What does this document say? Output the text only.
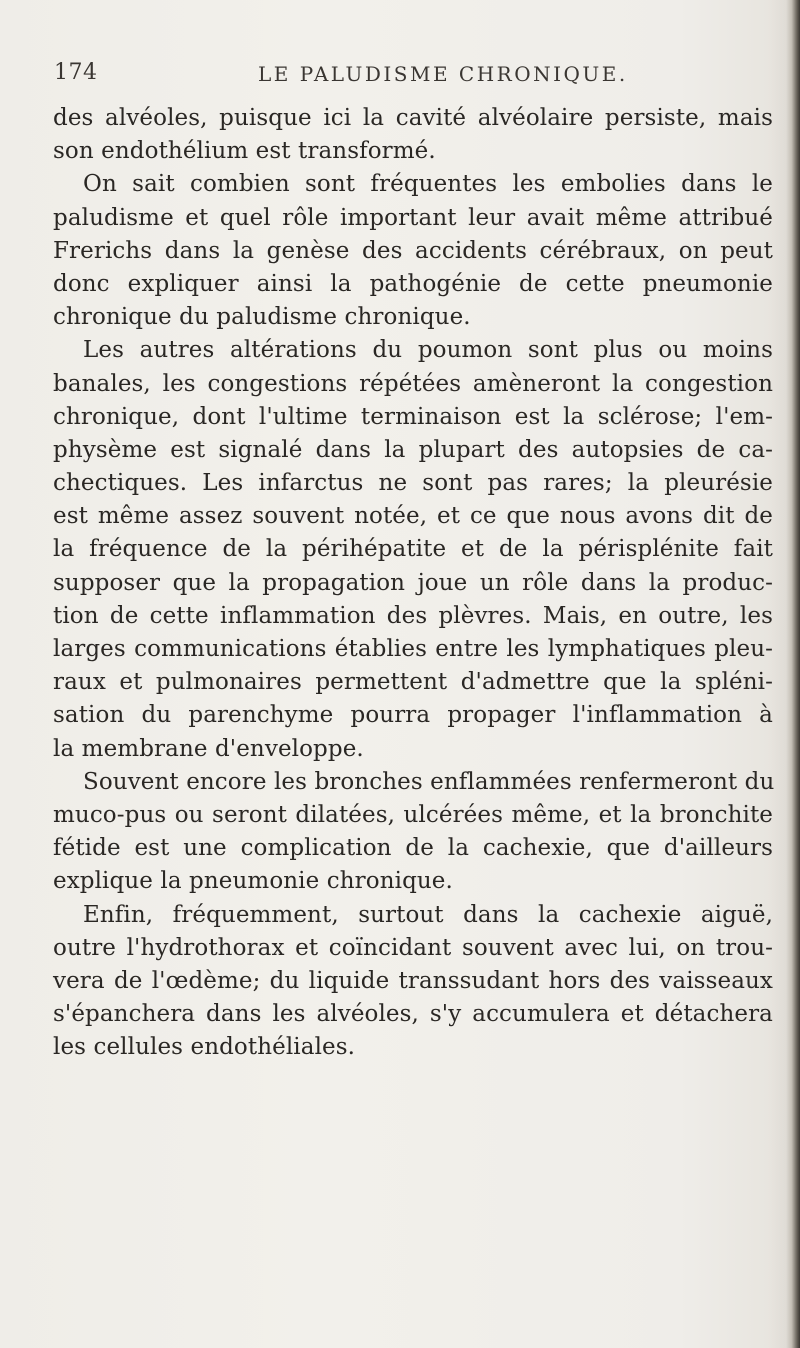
174	LE PALUDISME CHRONIQUE.
des alvéoles, puisque ici la cavité alvéolaire persiste, mais
son endothélium est transformé.
On sait combien sont fréquentes les embolies dans le
paludisme et quel rôle important leur avait même attribué
Frerichs dans la genèse des accidents cérébraux, on peut
donc expliquer ainsi la pathogénie de cette pneumonie
chronique du paludisme chronique.
Les autres altérations du poumon sont plus ou moins
banales, les congestions répétées amèneront la congestion
chronique, dont l'ultime terminaison est la sclérose; l'em-
physème est signalé dans la plupart des autopsies de ca-
chectiques. Les infarctus ne sont pas rares; la pleurésie
est même assez souvent notée, et ce que nous avons dit de
la fréquence de la périhépatite et de la périsplénite fait
supposer que la propagation joue un rôle dans la produc-
tion de cette inflammation des plèvres. Mais, en outre, les
larges communications établies entre les lymphatiques pleu-
raux et pulmonaires permettent d'admettre que la spléni-
sation du parenchyme pourra propager l'inflammation à
la membrane d'enveloppe.
Souvent encore les bronches enflammées renfermeront du
muco-pus ou seront dilatées, ulcérées même, et la bronchite
fétide est une complication de la cachexie, que d'ailleurs
explique la pneumonie chronique.
Enfin, fréquemment, surtout dans la cachexie aiguë,
outre l'hydrothorax et coïncidant souvent avec lui, on trou-
vera de l'œdème; du liquide transsudant hors des vaisseaux
s'épanchera dans les alvéoles, s'y accumulera et détachera
les cellules endothéliales.
